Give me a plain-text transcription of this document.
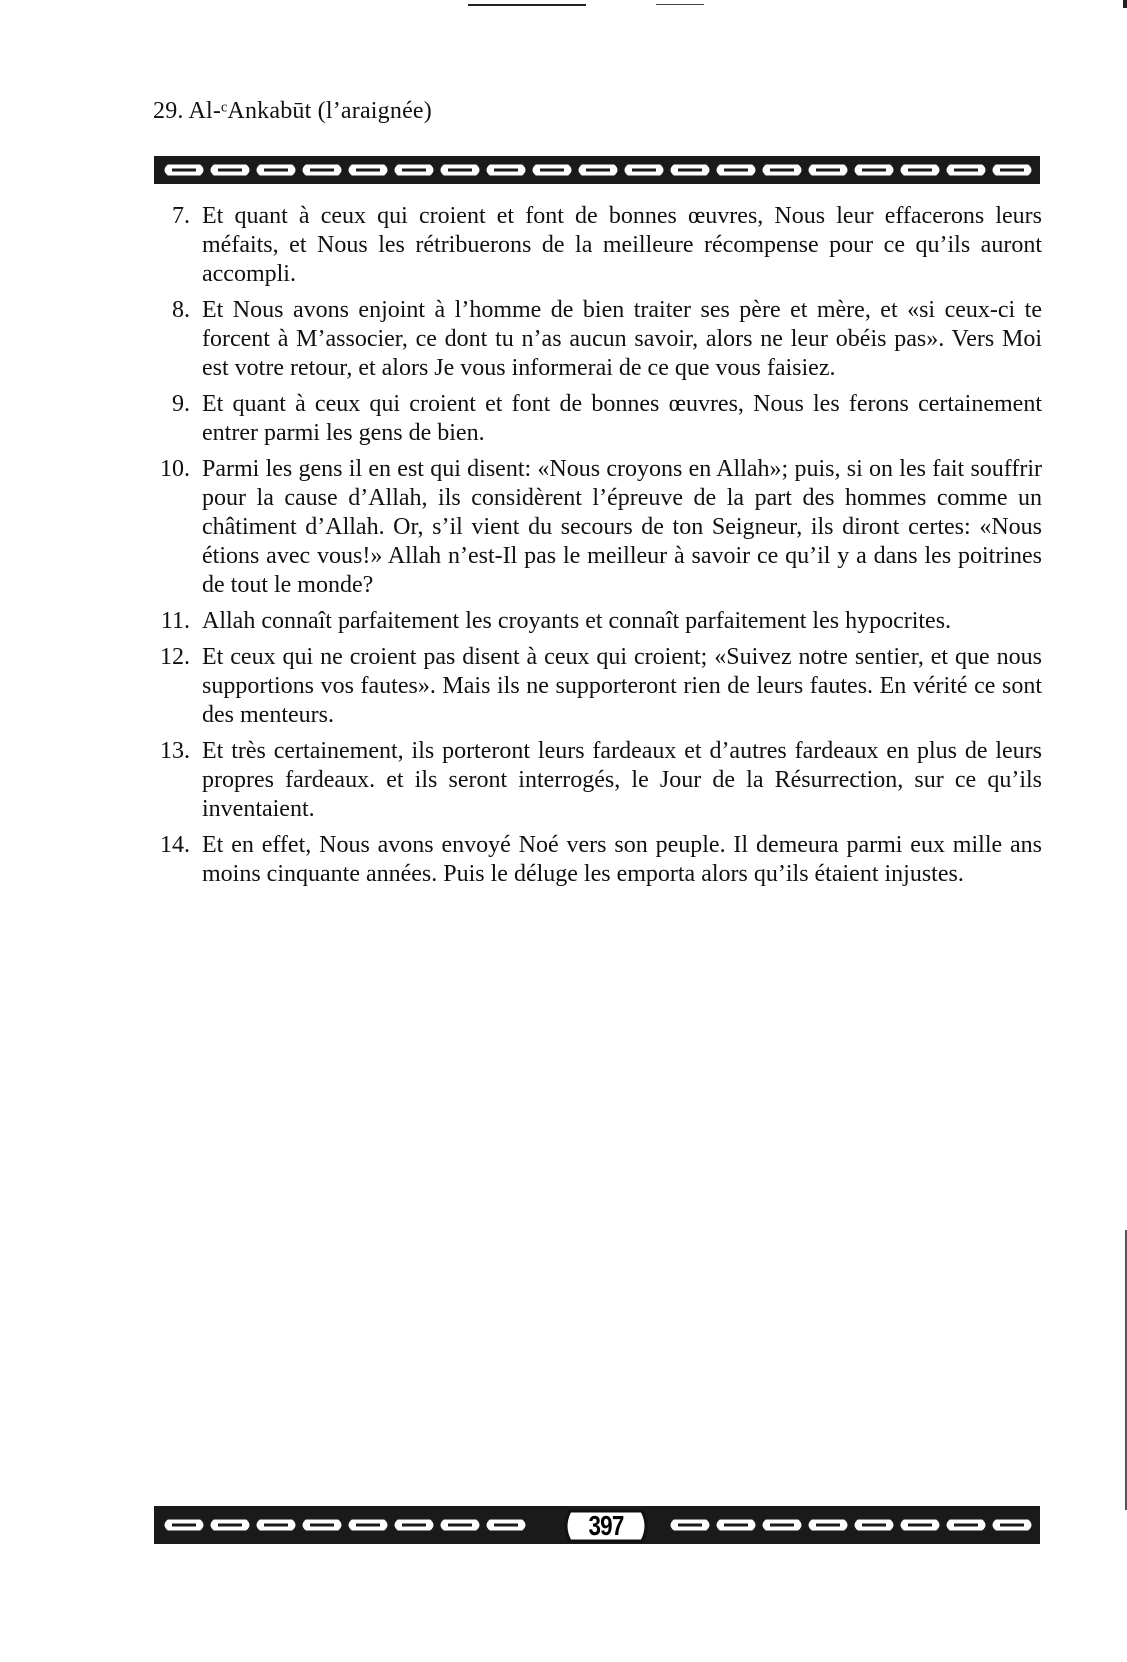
29. Al-ᶜAnkabūt (l’araignée)
7. Et quant à ceux qui croient et font de bonnes œuvres, Nous leur effacerons leurs méfaits, et Nous les rétribuerons de la meilleure récompense pour ce qu’ils auront accompli.
8. Et Nous avons enjoint à l’homme de bien traiter ses père et mère, et «si ceux-ci te forcent à M’associer, ce dont tu n’as aucun savoir, alors ne leur obéis pas». Vers Moi est votre retour, et alors Je vous informerai de ce que vous faisiez.
9. Et quant à ceux qui croient et font de bonnes œuvres, Nous les ferons certainement entrer parmi les gens de bien.
10. Parmi les gens il en est qui disent: «Nous croyons en Allah»; puis, si on les fait souffrir pour la cause d’Allah, ils considèrent l’épreuve de la part des hommes comme un châtiment d’Allah. Or, s’il vient du secours de ton Seigneur, ils diront certes: «Nous étions avec vous!» Allah n’est-Il pas le meilleur à savoir ce qu’il y a dans les poitrines de tout le monde?
11. Allah connaît parfaitement les croyants et connaît parfaitement les hypocrites.
12. Et ceux qui ne croient pas disent à ceux qui croient; «Suivez notre sentier, et que nous supportions vos fautes». Mais ils ne supporteront rien de leurs fautes. En vérité ce sont des menteurs.
13. Et très certainement, ils porteront leurs fardeaux et d’autres fardeaux en plus de leurs propres fardeaux. et ils seront interrogés, le Jour de la Résurrection, sur ce qu’ils inventaient.
14. Et en effet, Nous avons envoyé Noé vers son peuple. Il demeura parmi eux mille ans moins cinquante années. Puis le déluge les emporta alors qu’ils étaient injustes.
397
